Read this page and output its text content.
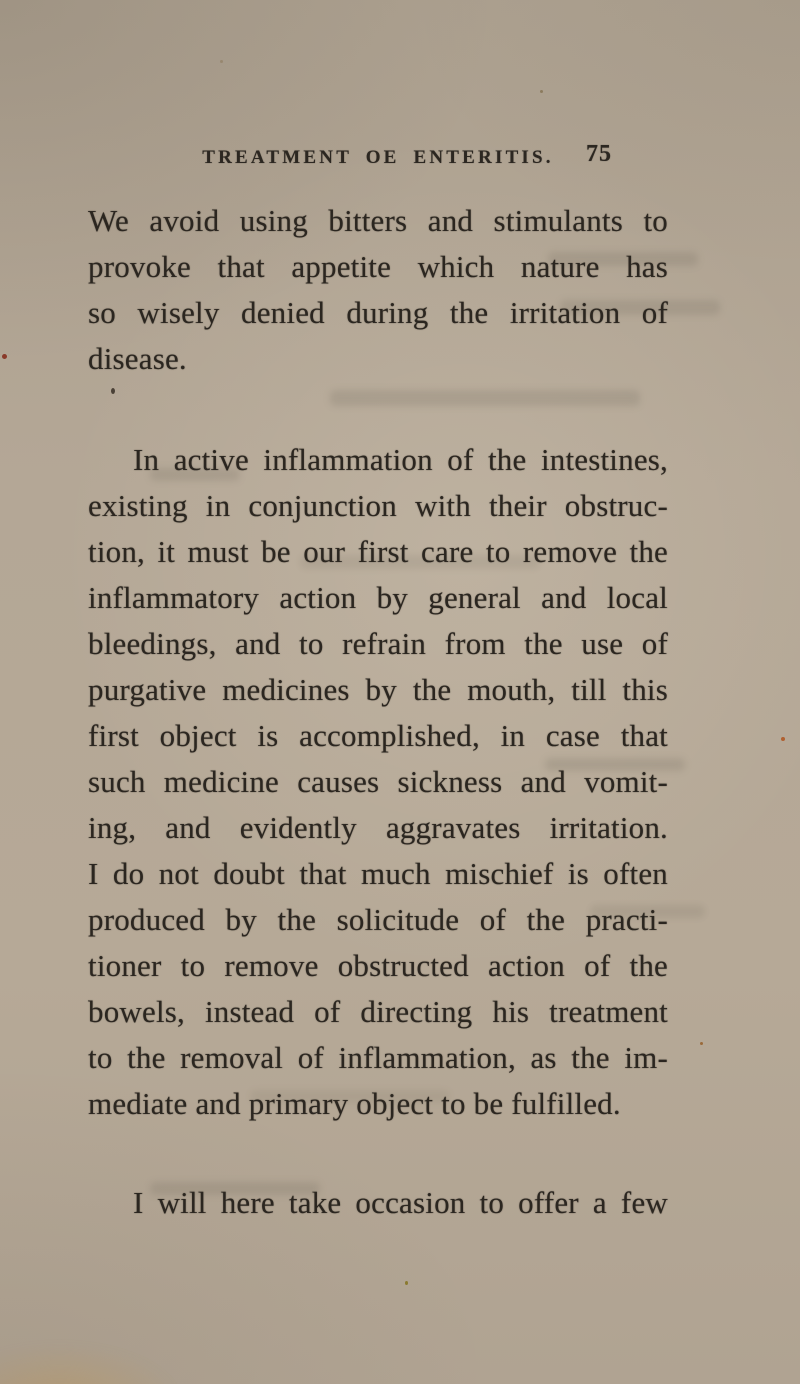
TREATMENT OE ENTERITIS.	75
We avoid using bitters and stimulants to
provoke that appetite which nature has
so wisely denied during the irritation of
disease.
In active inflammation of the intestines,
existing in conjunction with their obstruc-
tion, it must be our first care to remove the
inflammatory action by general and local
bleedings, and to refrain from the use of
purgative medicines by the mouth, till this
first object is accomplished, in case that
such medicine causes sickness and vomit-
ing, and evidently aggravates irritation.
I do not doubt that much mischief is often
produced by the solicitude of the practi-
tioner to remove obstructed action of the
bowels, instead of directing his treatment
to the removal of inflammation, as the im-
mediate and primary object to be fulfilled.
I will here take occasion to offer a few
